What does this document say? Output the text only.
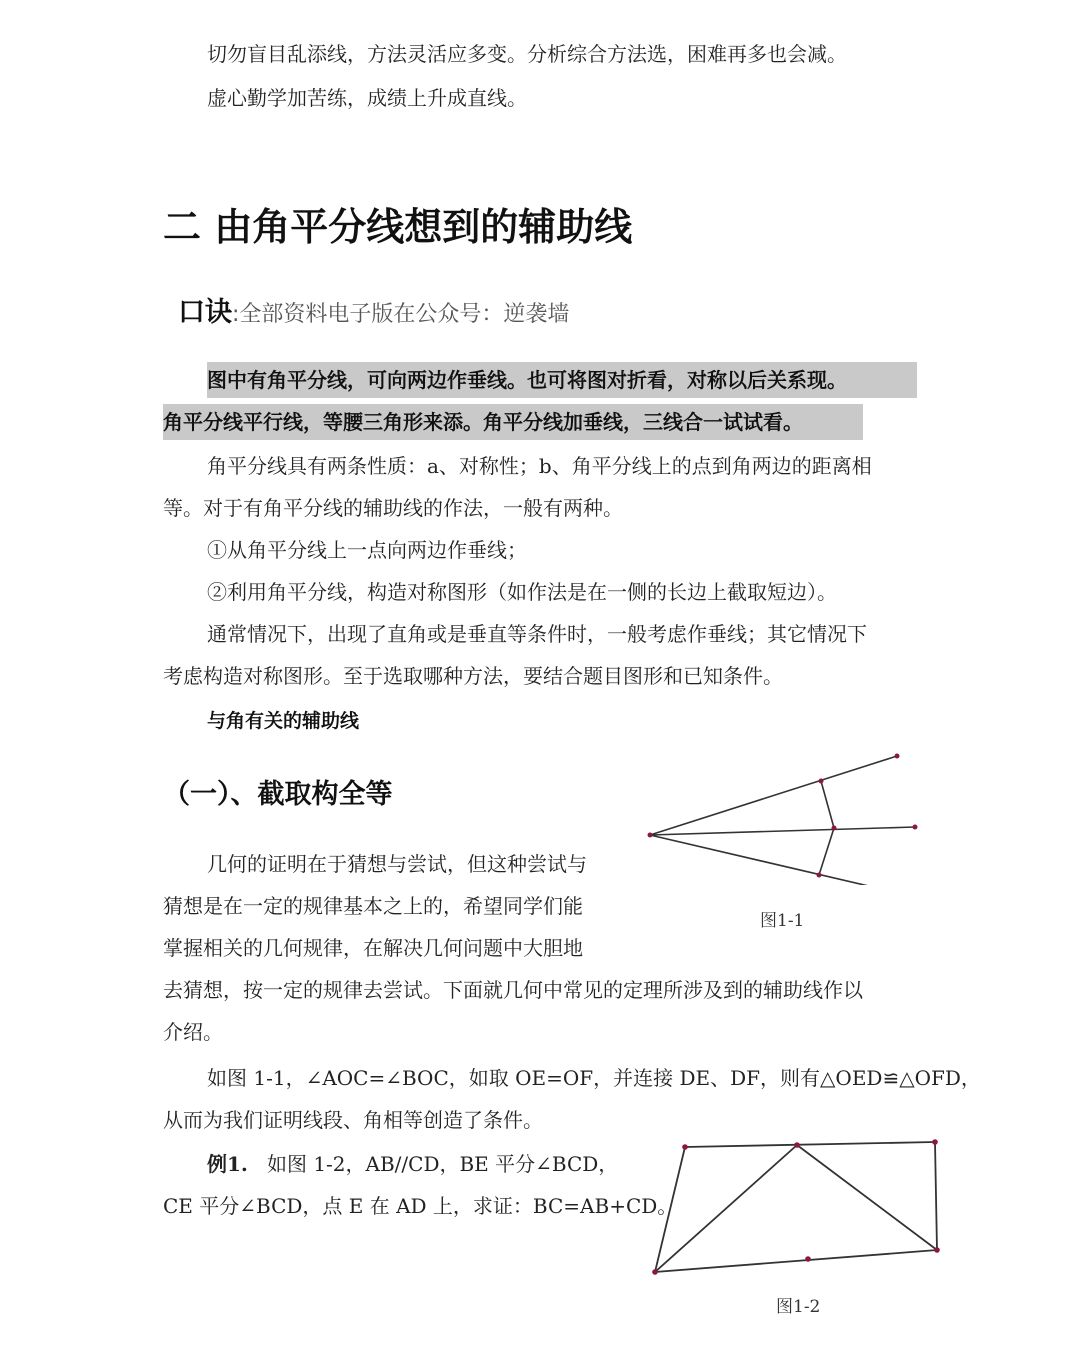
切勿盲目乱添线，方法灵活应多变。分析综合方法选，困难再多也会减。
虚心勤学加苦练，成绩上升成直线。
二 由角平分线想到的辅助线
口诀:全部资料电子版在公众号：逆袭墙
图中有角平分线，可向两边作垂线。也可将图对折看，对称以后关系现。
角平分线平行线，等腰三角形来添。角平分线加垂线，三线合一试试看。
角平分线具有两条性质：a、对称性；b、角平分线上的点到角两边的距离相
等。对于有角平分线的辅助线的作法，一般有两种。
①从角平分线上一点向两边作垂线；
②利用角平分线，构造对称图形（如作法是在一侧的长边上截取短边）。
通常情况下，出现了直角或是垂直等条件时，一般考虑作垂线；其它情况下
考虑构造对称图形。至于选取哪种方法，要结合题目图形和已知条件。
与角有关的辅助线
（一）、截取构全等
图1-1
几何的证明在于猜想与尝试，但这种尝试与
猜想是在一定的规律基本之上的，希望同学们能
掌握相关的几何规律，在解决几何问题中大胆地
去猜想，按一定的规律去尝试。下面就几何中常见的定理所涉及到的辅助线作以
介绍。
如图 1-1，∠AOC=∠BOC，如取 OE=OF，并连接 DE、DF，则有△OED≌△OFD，
从而为我们证明线段、角相等创造了条件。
例1. 如图 1-2，AB//CD，BE 平分∠BCD，
CE 平分∠BCD，点 E 在 AD 上，求证：BC=AB+CD。
图1-2
